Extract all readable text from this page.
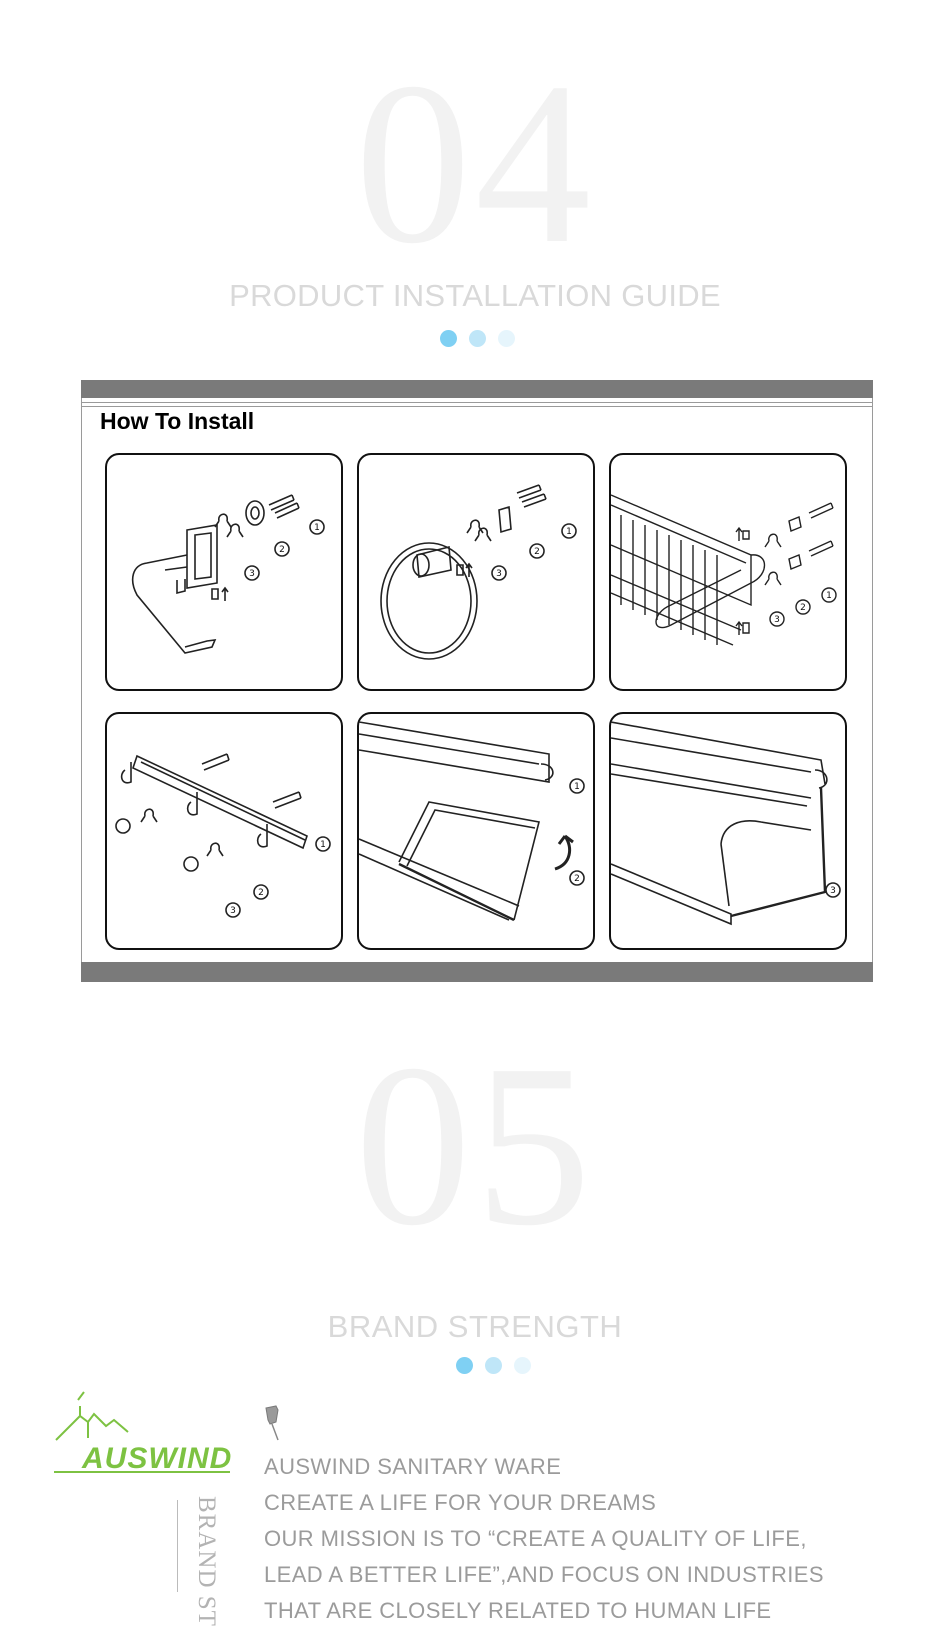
04
PRODUCT INSTALLATION GUIDE
How To Install
1
2
3
1
2
3
1
2
3
1
2
3
1
2
3
05
BRAND STRENGTH
AUSWIND
BRAND ST
AUSWIND SANITARY WARE
CREATE A LIFE FOR YOUR DREAMS
OUR MISSION IS TO “CREATE A QUALITY OF LIFE,
LEAD A BETTER LIFE”,AND FOCUS ON INDUSTRIES
THAT ARE CLOSELY RELATED TO HUMAN LIFE
